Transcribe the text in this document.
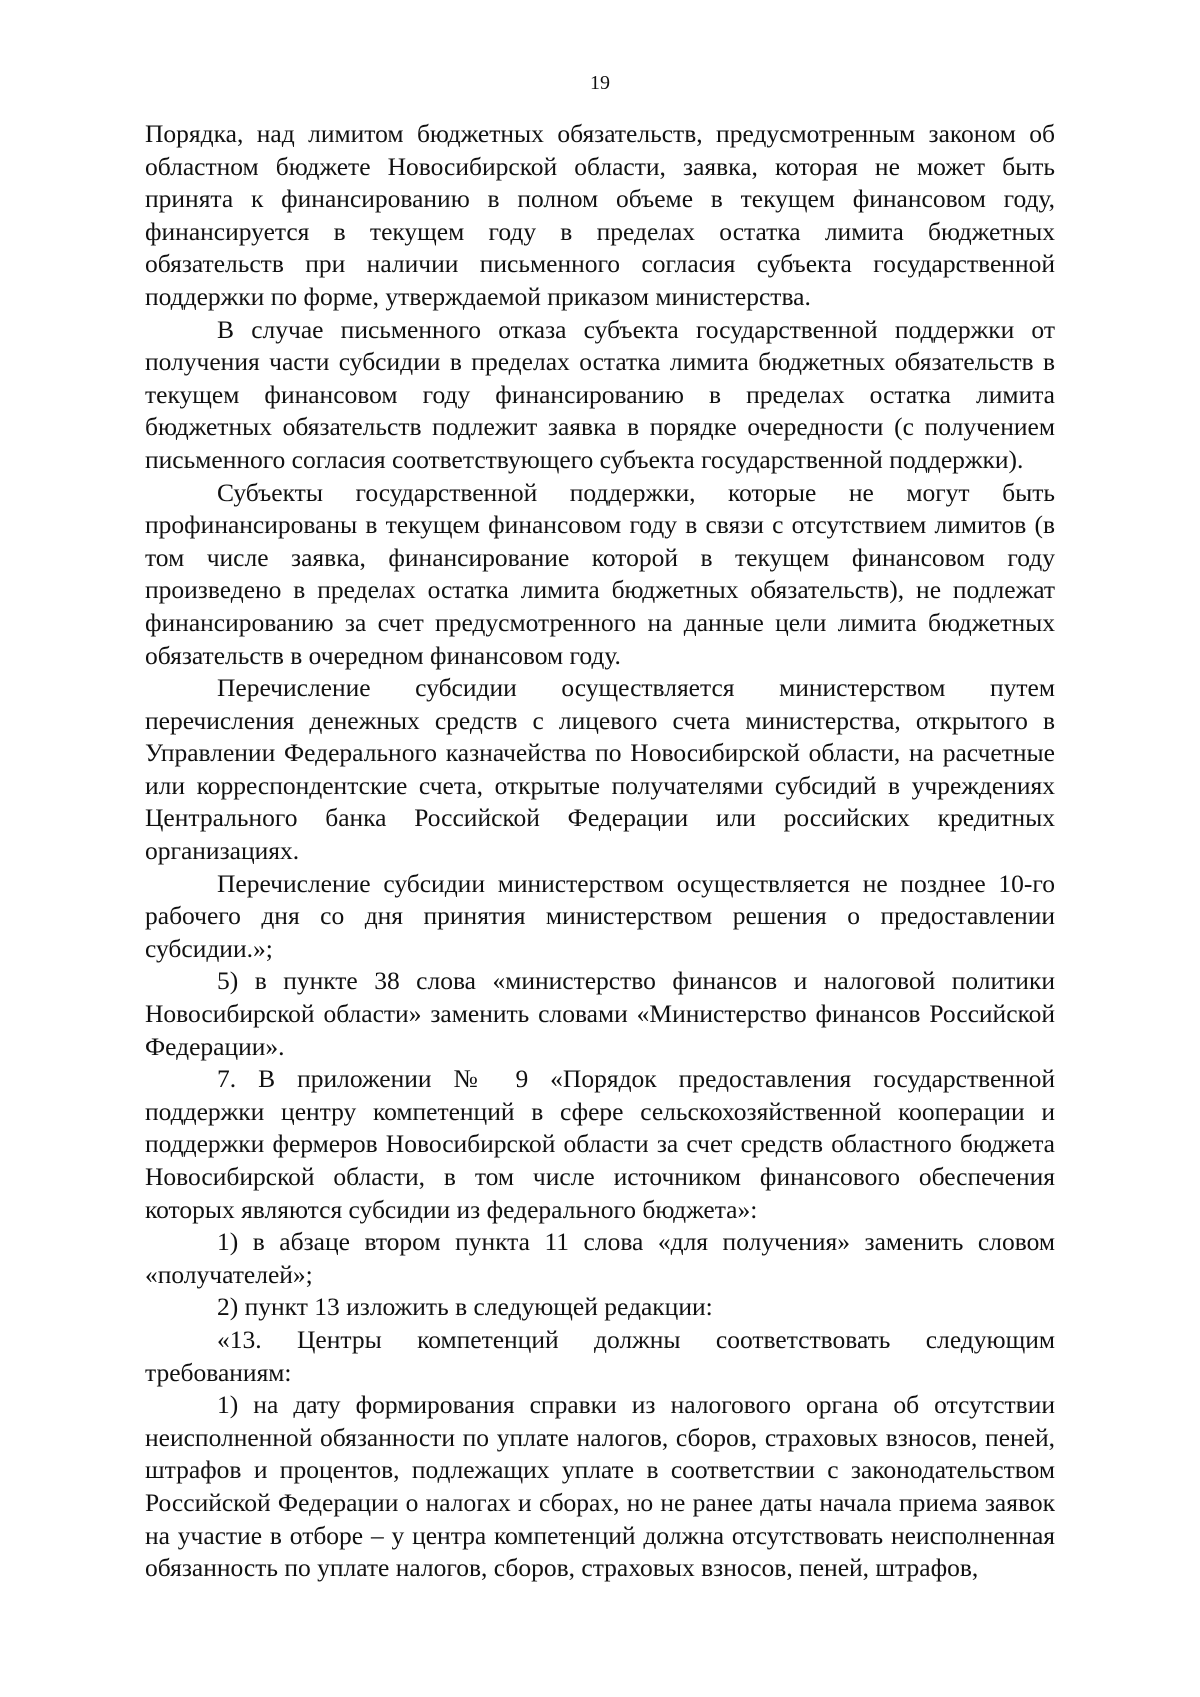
19

Порядка, над лимитом бюджетных обязательств, предусмотренным законом об областном бюджете Новосибирской области, заявка, которая не может быть принята к финансированию в полном объеме в текущем финансовом году, финансируется в текущем году в пределах остатка лимита бюджетных обязательств при наличии письменного согласия субъекта государственной поддержки по форме, утверждаемой приказом министерства.

В случае письменного отказа субъекта государственной поддержки от получения части субсидии в пределах остатка лимита бюджетных обязательств в текущем финансовом году финансированию в пределах остатка лимита бюджетных обязательств подлежит заявка в порядке очередности (с получением письменного согласия соответствующего субъекта государственной поддержки).

Субъекты государственной поддержки, которые не могут быть профинансированы в текущем финансовом году в связи с отсутствием лимитов (в том числе заявка, финансирование которой в текущем финансовом году произведено в пределах остатка лимита бюджетных обязательств), не подлежат финансированию за счет предусмотренного на данные цели лимита бюджетных обязательств в очередном финансовом году.

Перечисление субсидии осуществляется министерством путем перечисления денежных средств с лицевого счета министерства, открытого в Управлении Федерального казначейства по Новосибирской области, на расчетные или корреспондентские счета, открытые получателями субсидий в учреждениях Центрального банка Российской Федерации или российских кредитных организациях.

Перечисление субсидии министерством осуществляется не позднее 10-го рабочего дня со дня принятия министерством решения о предоставлении субсидии.»;

5) в пункте 38 слова «министерство финансов и налоговой политики Новосибирской области» заменить словами «Министерство финансов Российской Федерации».

7. В приложении № 9 «Порядок предоставления государственной поддержки центру компетенций в сфере сельскохозяйственной кооперации и поддержки фермеров Новосибирской области за счет средств областного бюджета Новосибирской области, в том числе источником финансового обеспечения которых являются субсидии из федерального бюджета»:

1) в абзаце втором пункта 11 слова «для получения» заменить словом «получателей»;

2) пункт 13 изложить в следующей редакции:

«13. Центры компетенций должны соответствовать следующим требованиям:

1) на дату формирования справки из налогового органа об отсутствии неисполненной обязанности по уплате налогов, сборов, страховых взносов, пеней, штрафов и процентов, подлежащих уплате в соответствии с законодательством Российской Федерации о налогах и сборах, но не ранее даты начала приема заявок на участие в отборе – у центра компетенций должна отсутствовать неисполненная обязанность по уплате налогов, сборов, страховых взносов, пеней, штрафов,
